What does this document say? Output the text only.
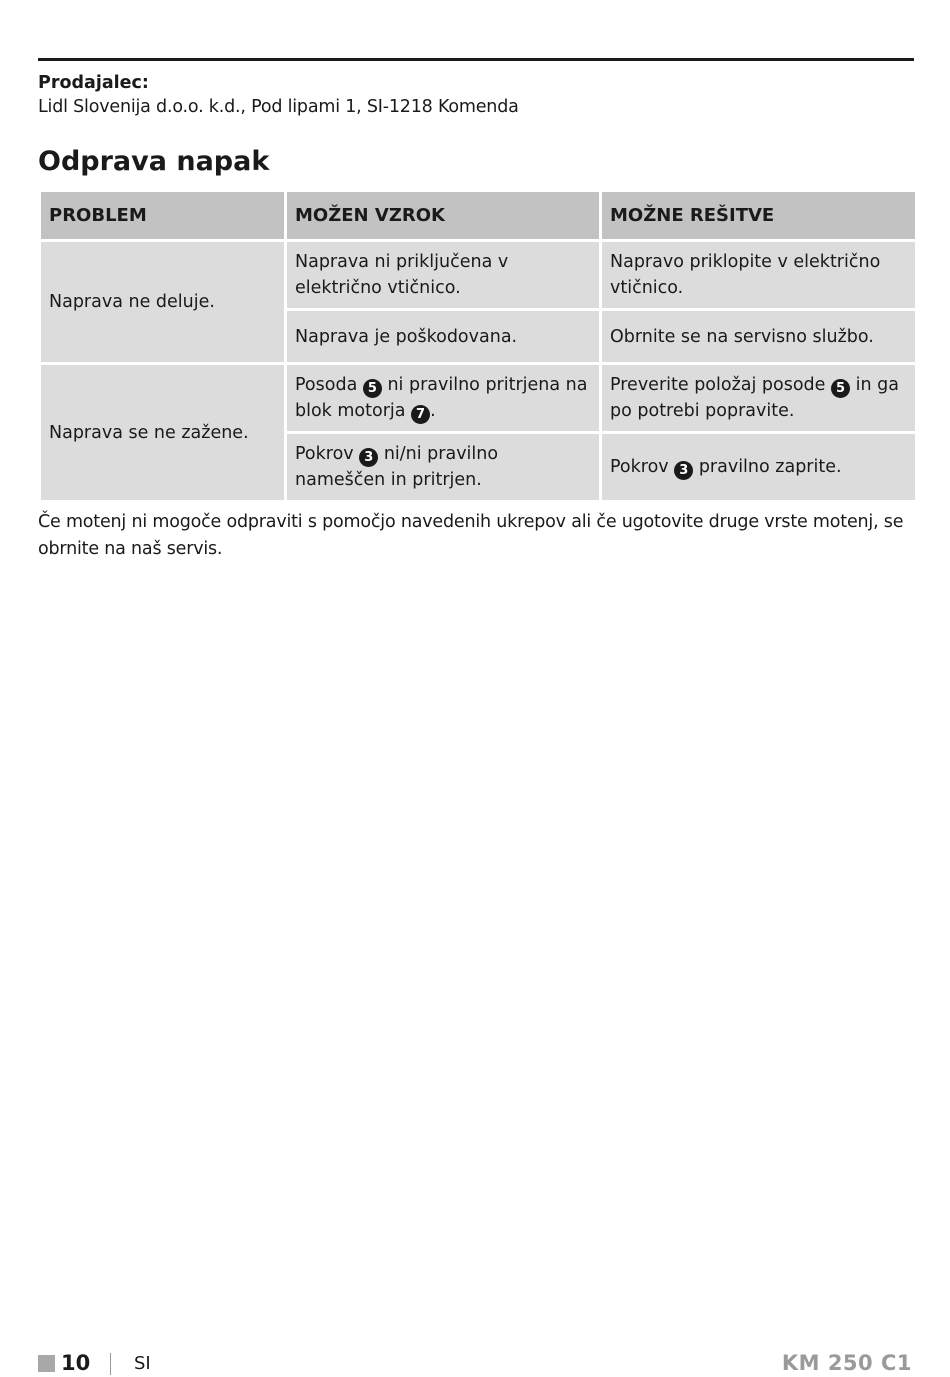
Prodajalec:
Lidl Slovenija d.o.o. k.d., Pod lipami 1, SI-1218 Komenda
Odprava napak
PROBLEM	MOŽEN VZROK	MOŽNE REŠITVE
Naprava ne deluje.	Naprava ni priključena v električno vtičnico.	Napravo priklopite v električno vtičnico.
	Naprava je poškodovana.	Obrnite se na servisno službo.
Naprava se ne zažene.	Posoda 5 ni pravilno pritrjena na blok motorja 7 .	Preverite položaj posode 5 in ga po potrebi popravite.
	Pokrov 3 ni/ni pravilno nameščen in pritrjen.	Pokrov 3 pravilno zaprite.

Če motenj ni mogoče odpraviti s pomočjo navedenih ukrepov ali če ugotovite druge vrste motenj, se obrnite na naš servis.

10 SI	KM 250 C1
